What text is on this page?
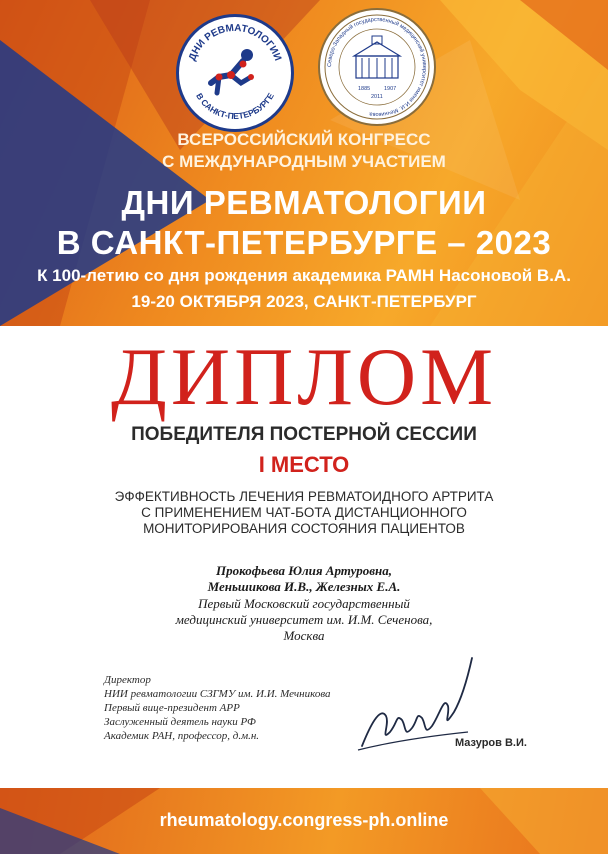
ДНИ РЕВМАТОЛОГИИ
В САНКТ-ПЕТЕРБУРГЕ
Северо-Западный государственный медицинский университет имени И.И. Мечникова
1885	1907
2011
ВСЕРОССИЙСКИЙ КОНГРЕСС
С МЕЖДУНАРОДНЫМ УЧАСТИЕМ
ДНИ РЕВМАТОЛОГИИ
В САНКТ-ПЕТЕРБУРГЕ – 2023
К 100-летию со дня рождения академика РАМН Насоновой В.А.
19-20 ОКТЯБРЯ 2023, САНКТ-ПЕТЕРБУРГ
ДИПЛОМ
ПОБЕДИТЕЛЯ ПОСТЕРНОЙ СЕССИИ
I МЕСТО
ЭФФЕКТИВНОСТЬ ЛЕЧЕНИЯ РЕВМАТОИДНОГО АРТРИТА
С ПРИМЕНЕНИЕМ ЧАТ-БОТА ДИСТАНЦИОННОГО
МОНИТОРИРОВАНИЯ СОСТОЯНИЯ ПАЦИЕНТОВ
Прокофьева Юлия Артуровна,
Меньшикова И.В., Железных Е.А.
Первый Московский государственный
медицинский университет им. И.М. Сеченова,
Москва
Директор
НИИ ревматологии СЗГМУ им. И.И. Мечникова
Первый вице-президент АРР
Заслуженный деятель науки РФ
Академик РАН, профессор, д.м.н.
Мазуров В.И.
rheumatology.congress-ph.online
